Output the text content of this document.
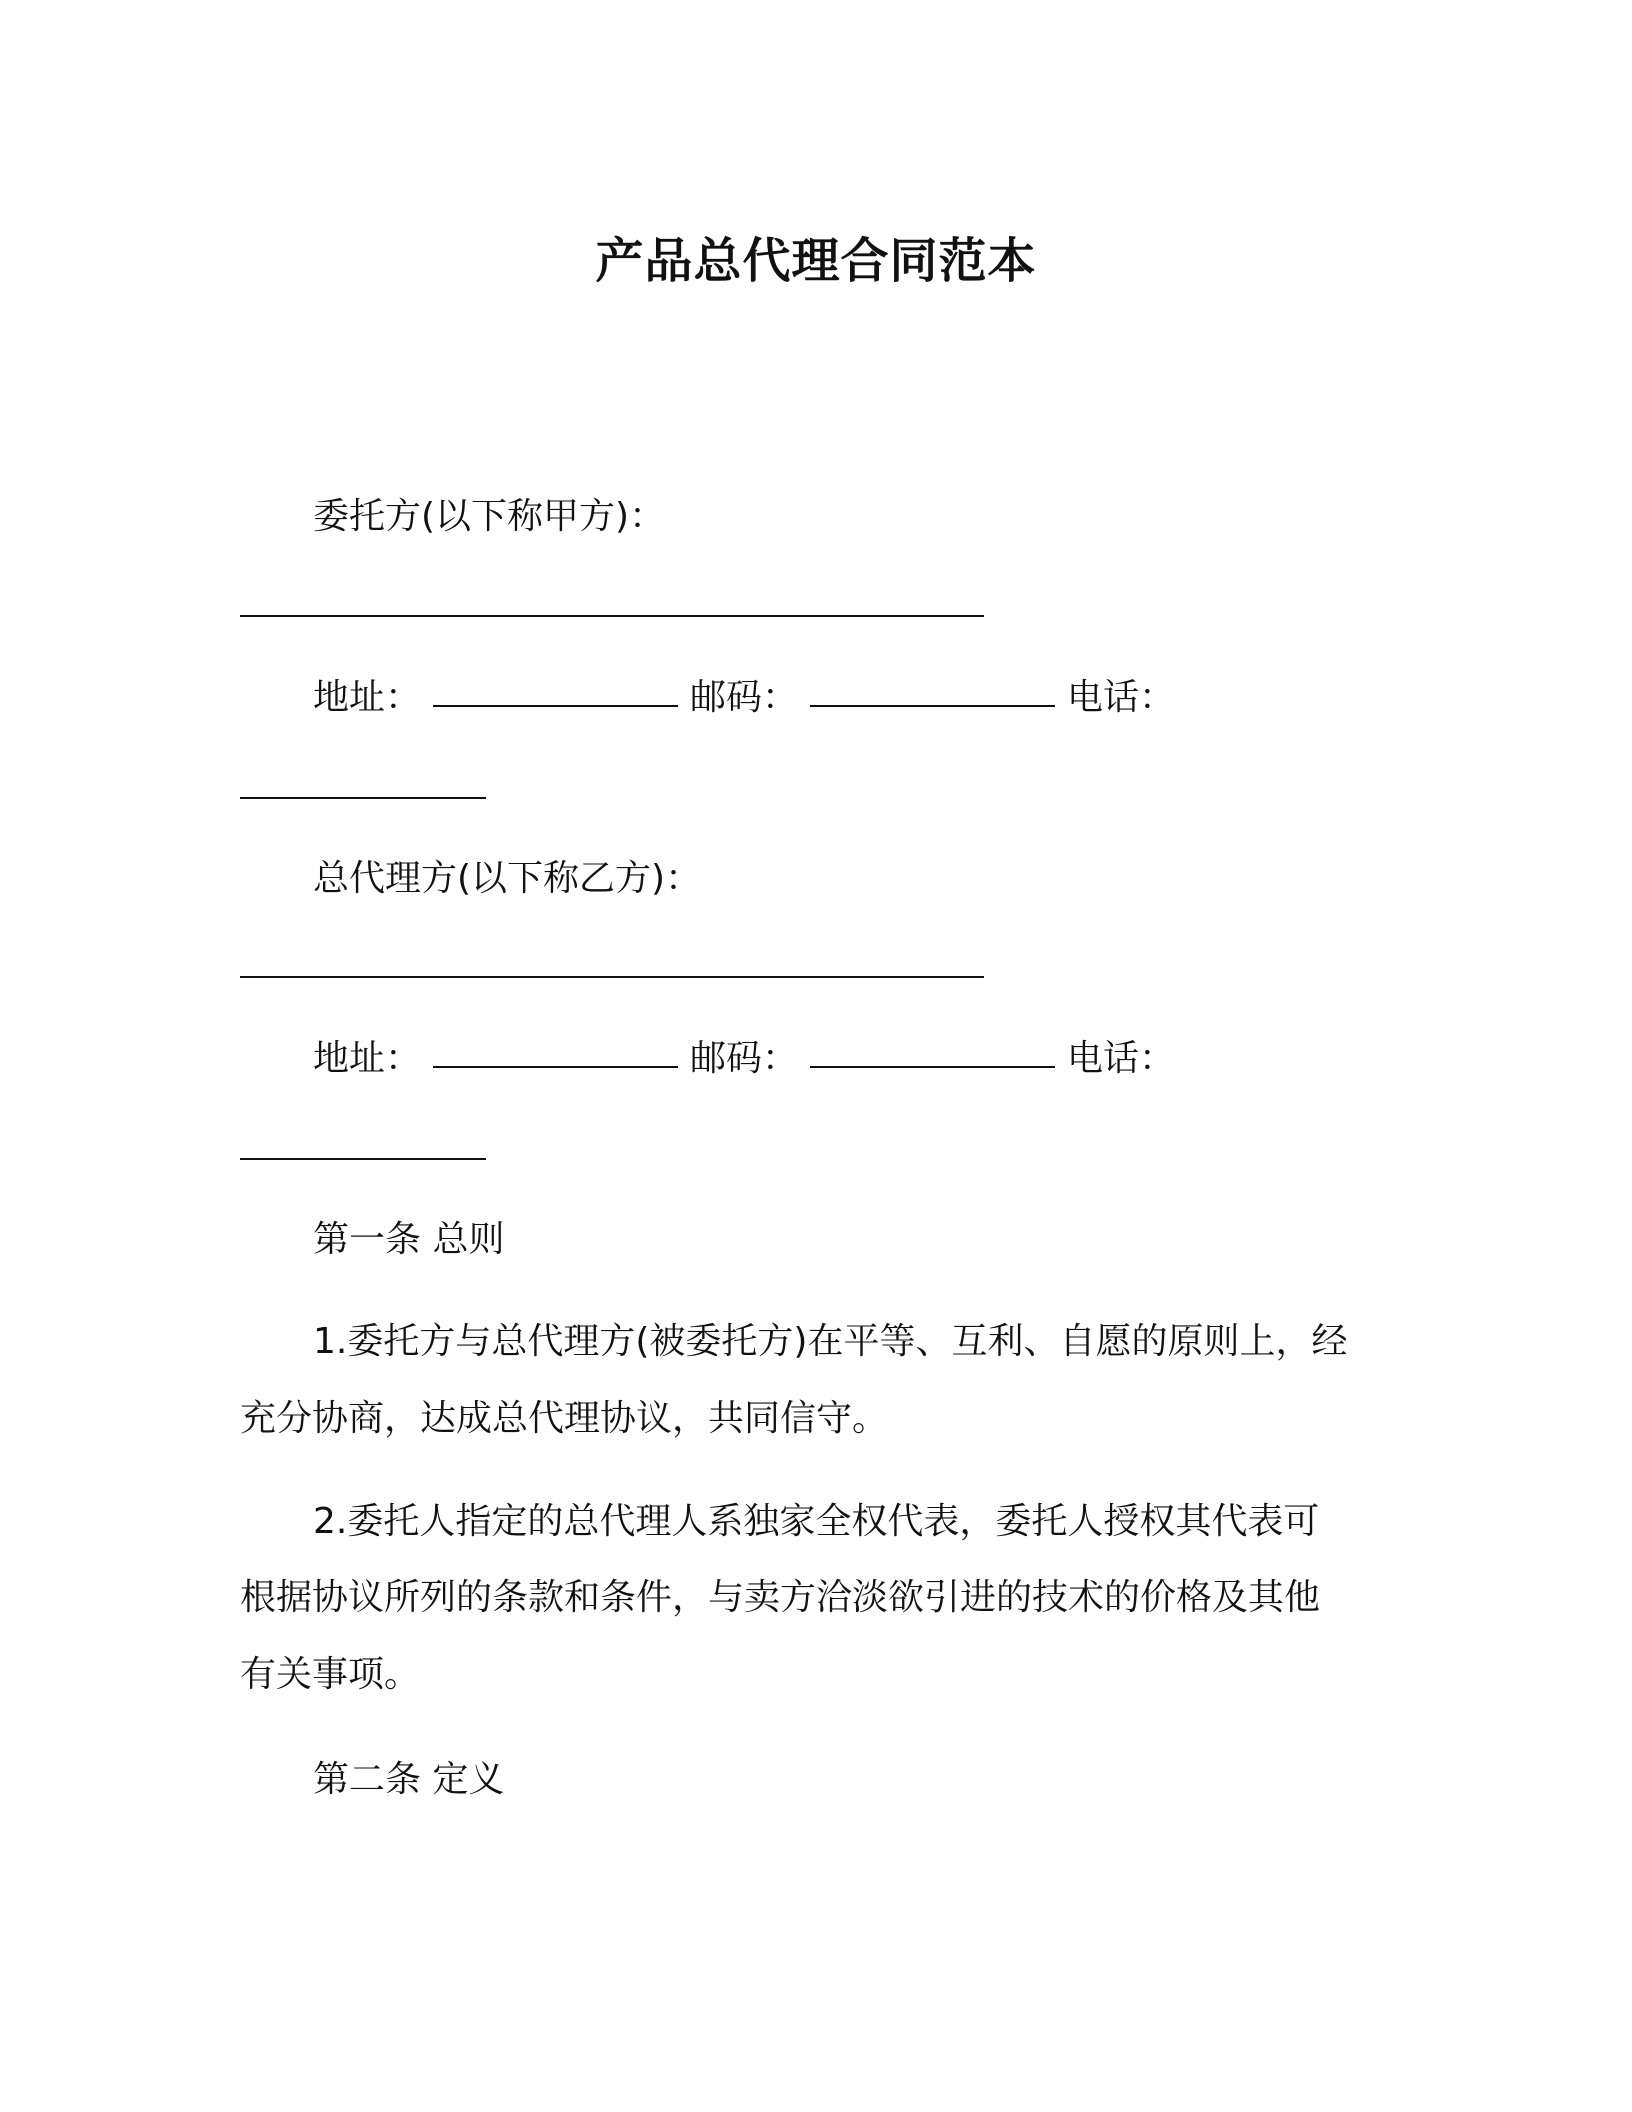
产品总代理合同范本
委托方(以下称甲方)：
地址：	邮码：	电话：
总代理方(以下称乙方)：
地址：	邮码：	电话：
第一条 总则
1.委托方与总代理方(被委托方)在平等、互利、自愿的原则上，经
充分协商，达成总代理协议，共同信守。
2.委托人指定的总代理人系独家全权代表，委托人授权其代表可
根据协议所列的条款和条件，与卖方洽淡欲引进的技术的价格及其他
有关事项。
第二条 定义
